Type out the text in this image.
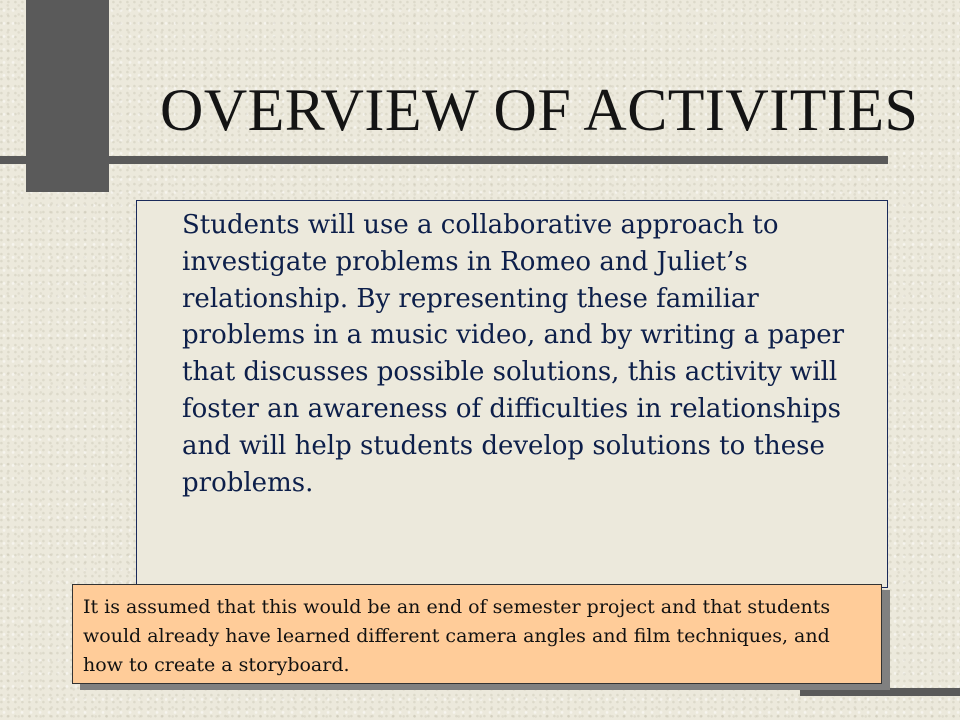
OVERVIEW OF ACTIVITIES

Students will use a collaborative approach to investigate problems in Romeo and Juliet’s relationship. By representing these familiar problems in a music video, and by writing a paper that discusses possible solutions, this activity will foster an awareness of difficulties in relationships and will help students develop solutions to these problems.

It is assumed that this would be an end of semester project and that students would already have learned different camera angles and film techniques, and how to create a storyboard.
